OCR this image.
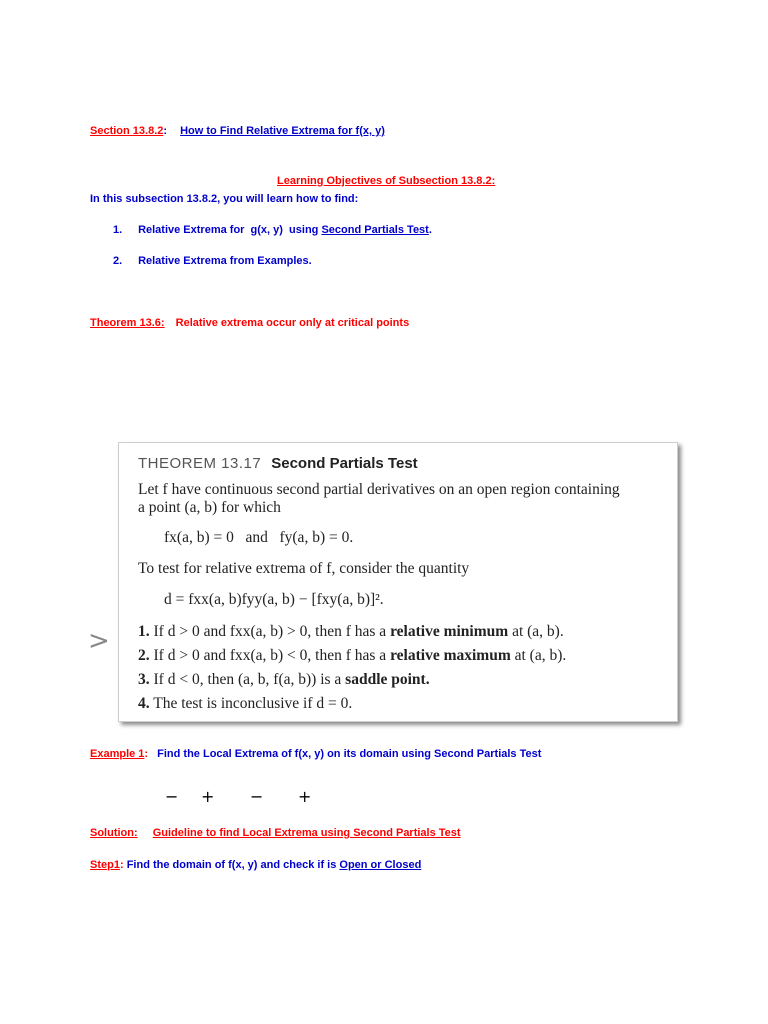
Section 13.8.2: How to Find Relative Extrema for f(x, y)
Learning Objectives of Subsection 13.8.2:
In this subsection 13.8.2, you will learn how to find:
1. Relative Extrema for  g(x, y)  using Second Partials Test.
2. Relative Extrema from Examples.
Theorem 13.6: Relative extrema occur only at critical points
>
THEOREM 13.17 Second Partials Test
Let f have continuous second partial derivatives on an open region containing
a point (a, b) for which
fx(a, b) = 0   and   fy(a, b) = 0.
To test for relative extrema of f, consider the quantity
d = fxx(a, b)fyy(a, b) − [fxy(a, b)]².
1. If d > 0 and fxx(a, b) > 0, then f has a relative minimum at (a, b).
2. If d > 0 and fxx(a, b) < 0, then f has a relative maximum at (a, b).
3. If d < 0, then (a, b, f(a, b)) is a saddle point.
4. The test is inconclusive if d = 0.
Example 1: Find the Local Extrema of f(x, y) on its domain using Second Partials Test
− + − +
Solution: Guideline to find Local Extrema using Second Partials Test
Step1: Find the domain of f(x, y) and check if is Open or Closed
